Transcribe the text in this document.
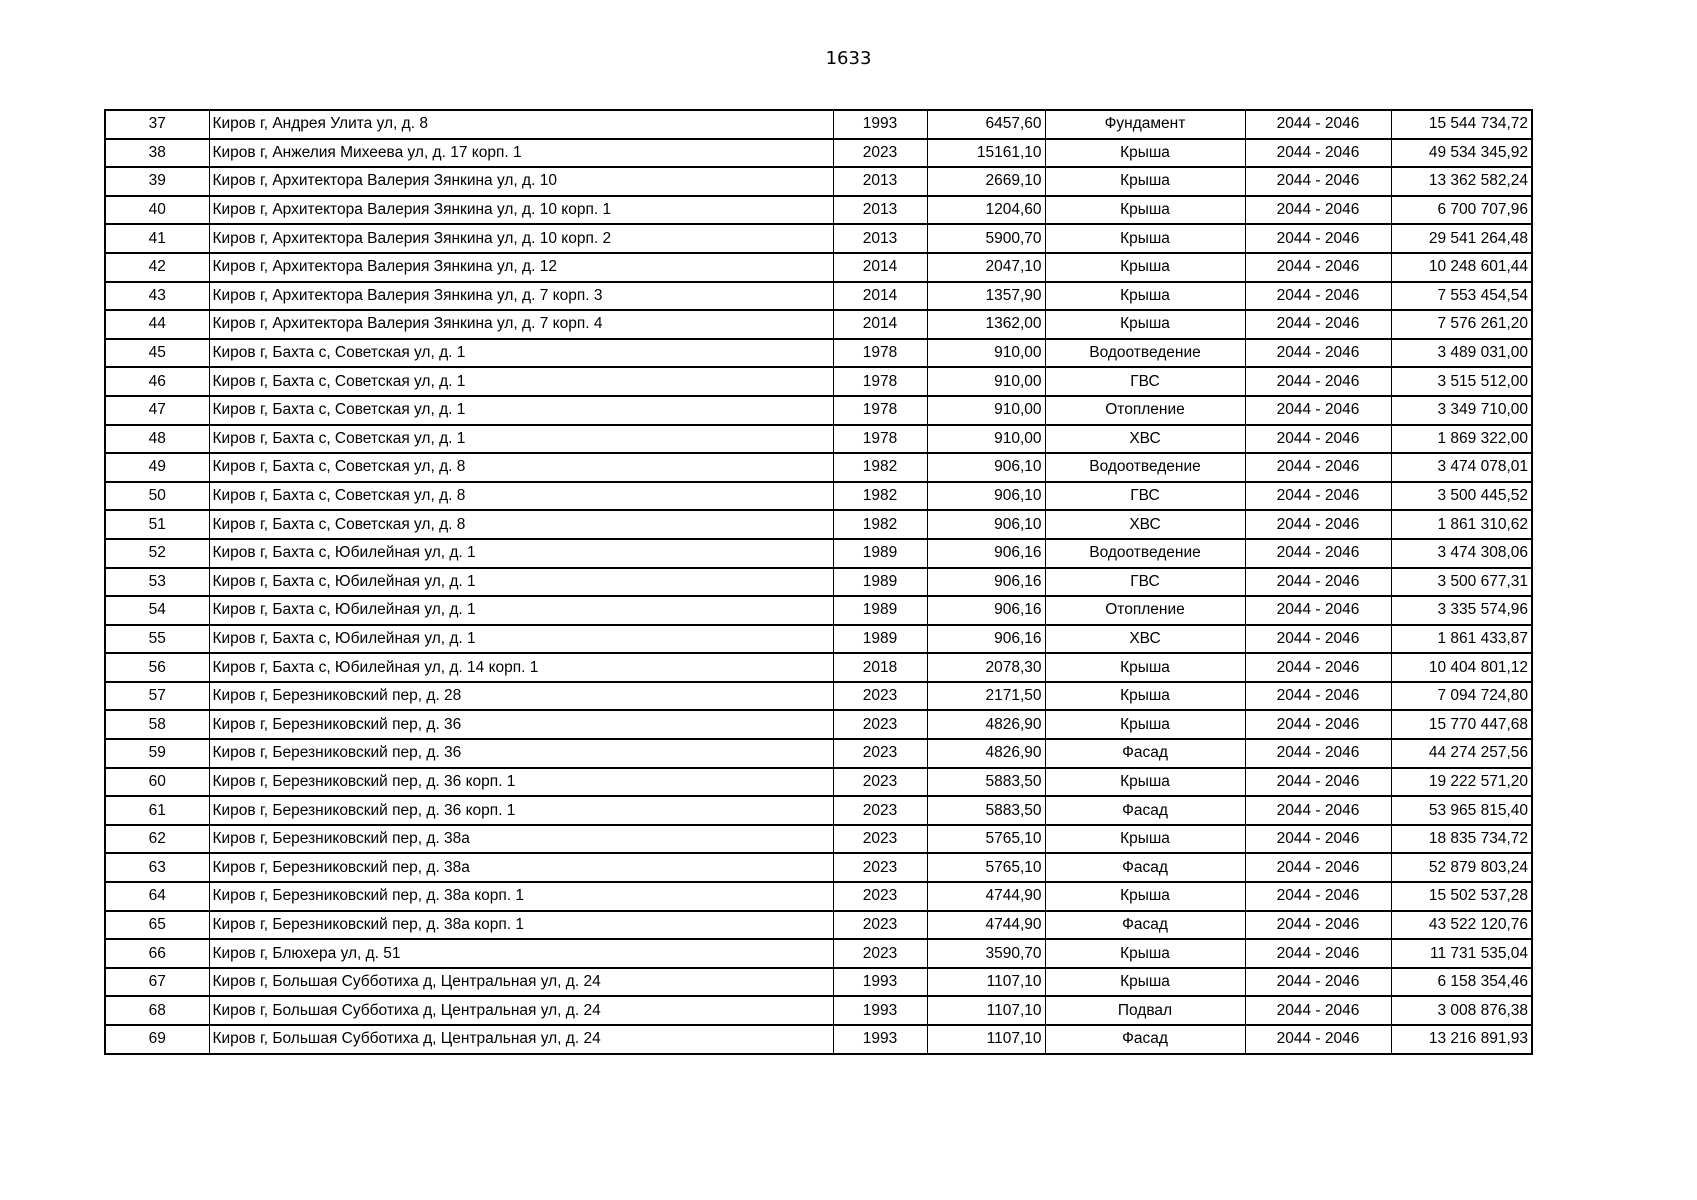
1633
37	Киров г, Андрея Улита ул, д. 8	1993	6457,60	Фундамент	2044 - 2046	15 544 734,72
38	Киров г, Анжелия Михеева ул, д. 17 корп. 1	2023	15161,10	Крыша	2044 - 2046	49 534 345,92
39	Киров г, Архитектора Валерия Зянкина ул, д. 10	2013	2669,10	Крыша	2044 - 2046	13 362 582,24
40	Киров г, Архитектора Валерия Зянкина ул, д. 10 корп. 1	2013	1204,60	Крыша	2044 - 2046	6 700 707,96
41	Киров г, Архитектора Валерия Зянкина ул, д. 10 корп. 2	2013	5900,70	Крыша	2044 - 2046	29 541 264,48
42	Киров г, Архитектора Валерия Зянкина ул, д. 12	2014	2047,10	Крыша	2044 - 2046	10 248 601,44
43	Киров г, Архитектора Валерия Зянкина ул, д. 7 корп. 3	2014	1357,90	Крыша	2044 - 2046	7 553 454,54
44	Киров г, Архитектора Валерия Зянкина ул, д. 7 корп. 4	2014	1362,00	Крыша	2044 - 2046	7 576 261,20
45	Киров г, Бахта с, Советская ул, д. 1	1978	910,00	Водоотведение	2044 - 2046	3 489 031,00
46	Киров г, Бахта с, Советская ул, д. 1	1978	910,00	ГВС	2044 - 2046	3 515 512,00
47	Киров г, Бахта с, Советская ул, д. 1	1978	910,00	Отопление	2044 - 2046	3 349 710,00
48	Киров г, Бахта с, Советская ул, д. 1	1978	910,00	ХВС	2044 - 2046	1 869 322,00
49	Киров г, Бахта с, Советская ул, д. 8	1982	906,10	Водоотведение	2044 - 2046	3 474 078,01
50	Киров г, Бахта с, Советская ул, д. 8	1982	906,10	ГВС	2044 - 2046	3 500 445,52
51	Киров г, Бахта с, Советская ул, д. 8	1982	906,10	ХВС	2044 - 2046	1 861 310,62
52	Киров г, Бахта с, Юбилейная ул, д. 1	1989	906,16	Водоотведение	2044 - 2046	3 474 308,06
53	Киров г, Бахта с, Юбилейная ул, д. 1	1989	906,16	ГВС	2044 - 2046	3 500 677,31
54	Киров г, Бахта с, Юбилейная ул, д. 1	1989	906,16	Отопление	2044 - 2046	3 335 574,96
55	Киров г, Бахта с, Юбилейная ул, д. 1	1989	906,16	ХВС	2044 - 2046	1 861 433,87
56	Киров г, Бахта с, Юбилейная ул, д. 14 корп. 1	2018	2078,30	Крыша	2044 - 2046	10 404 801,12
57	Киров г, Березниковский пер, д. 28	2023	2171,50	Крыша	2044 - 2046	7 094 724,80
58	Киров г, Березниковский пер, д. 36	2023	4826,90	Крыша	2044 - 2046	15 770 447,68
59	Киров г, Березниковский пер, д. 36	2023	4826,90	Фасад	2044 - 2046	44 274 257,56
60	Киров г, Березниковский пер, д. 36 корп. 1	2023	5883,50	Крыша	2044 - 2046	19 222 571,20
61	Киров г, Березниковский пер, д. 36 корп. 1	2023	5883,50	Фасад	2044 - 2046	53 965 815,40
62	Киров г, Березниковский пер, д. 38а	2023	5765,10	Крыша	2044 - 2046	18 835 734,72
63	Киров г, Березниковский пер, д. 38а	2023	5765,10	Фасад	2044 - 2046	52 879 803,24
64	Киров г, Березниковский пер, д. 38а корп. 1	2023	4744,90	Крыша	2044 - 2046	15 502 537,28
65	Киров г, Березниковский пер, д. 38а корп. 1	2023	4744,90	Фасад	2044 - 2046	43 522 120,76
66	Киров г, Блюхера ул, д. 51	2023	3590,70	Крыша	2044 - 2046	11 731 535,04
67	Киров г, Большая Субботиха д, Центральная ул, д. 24	1993	1107,10	Крыша	2044 - 2046	6 158 354,46
68	Киров г, Большая Субботиха д, Центральная ул, д. 24	1993	1107,10	Подвал	2044 - 2046	3 008 876,38
69	Киров г, Большая Субботиха д, Центральная ул, д. 24	1993	1107,10	Фасад	2044 - 2046	13 216 891,93
